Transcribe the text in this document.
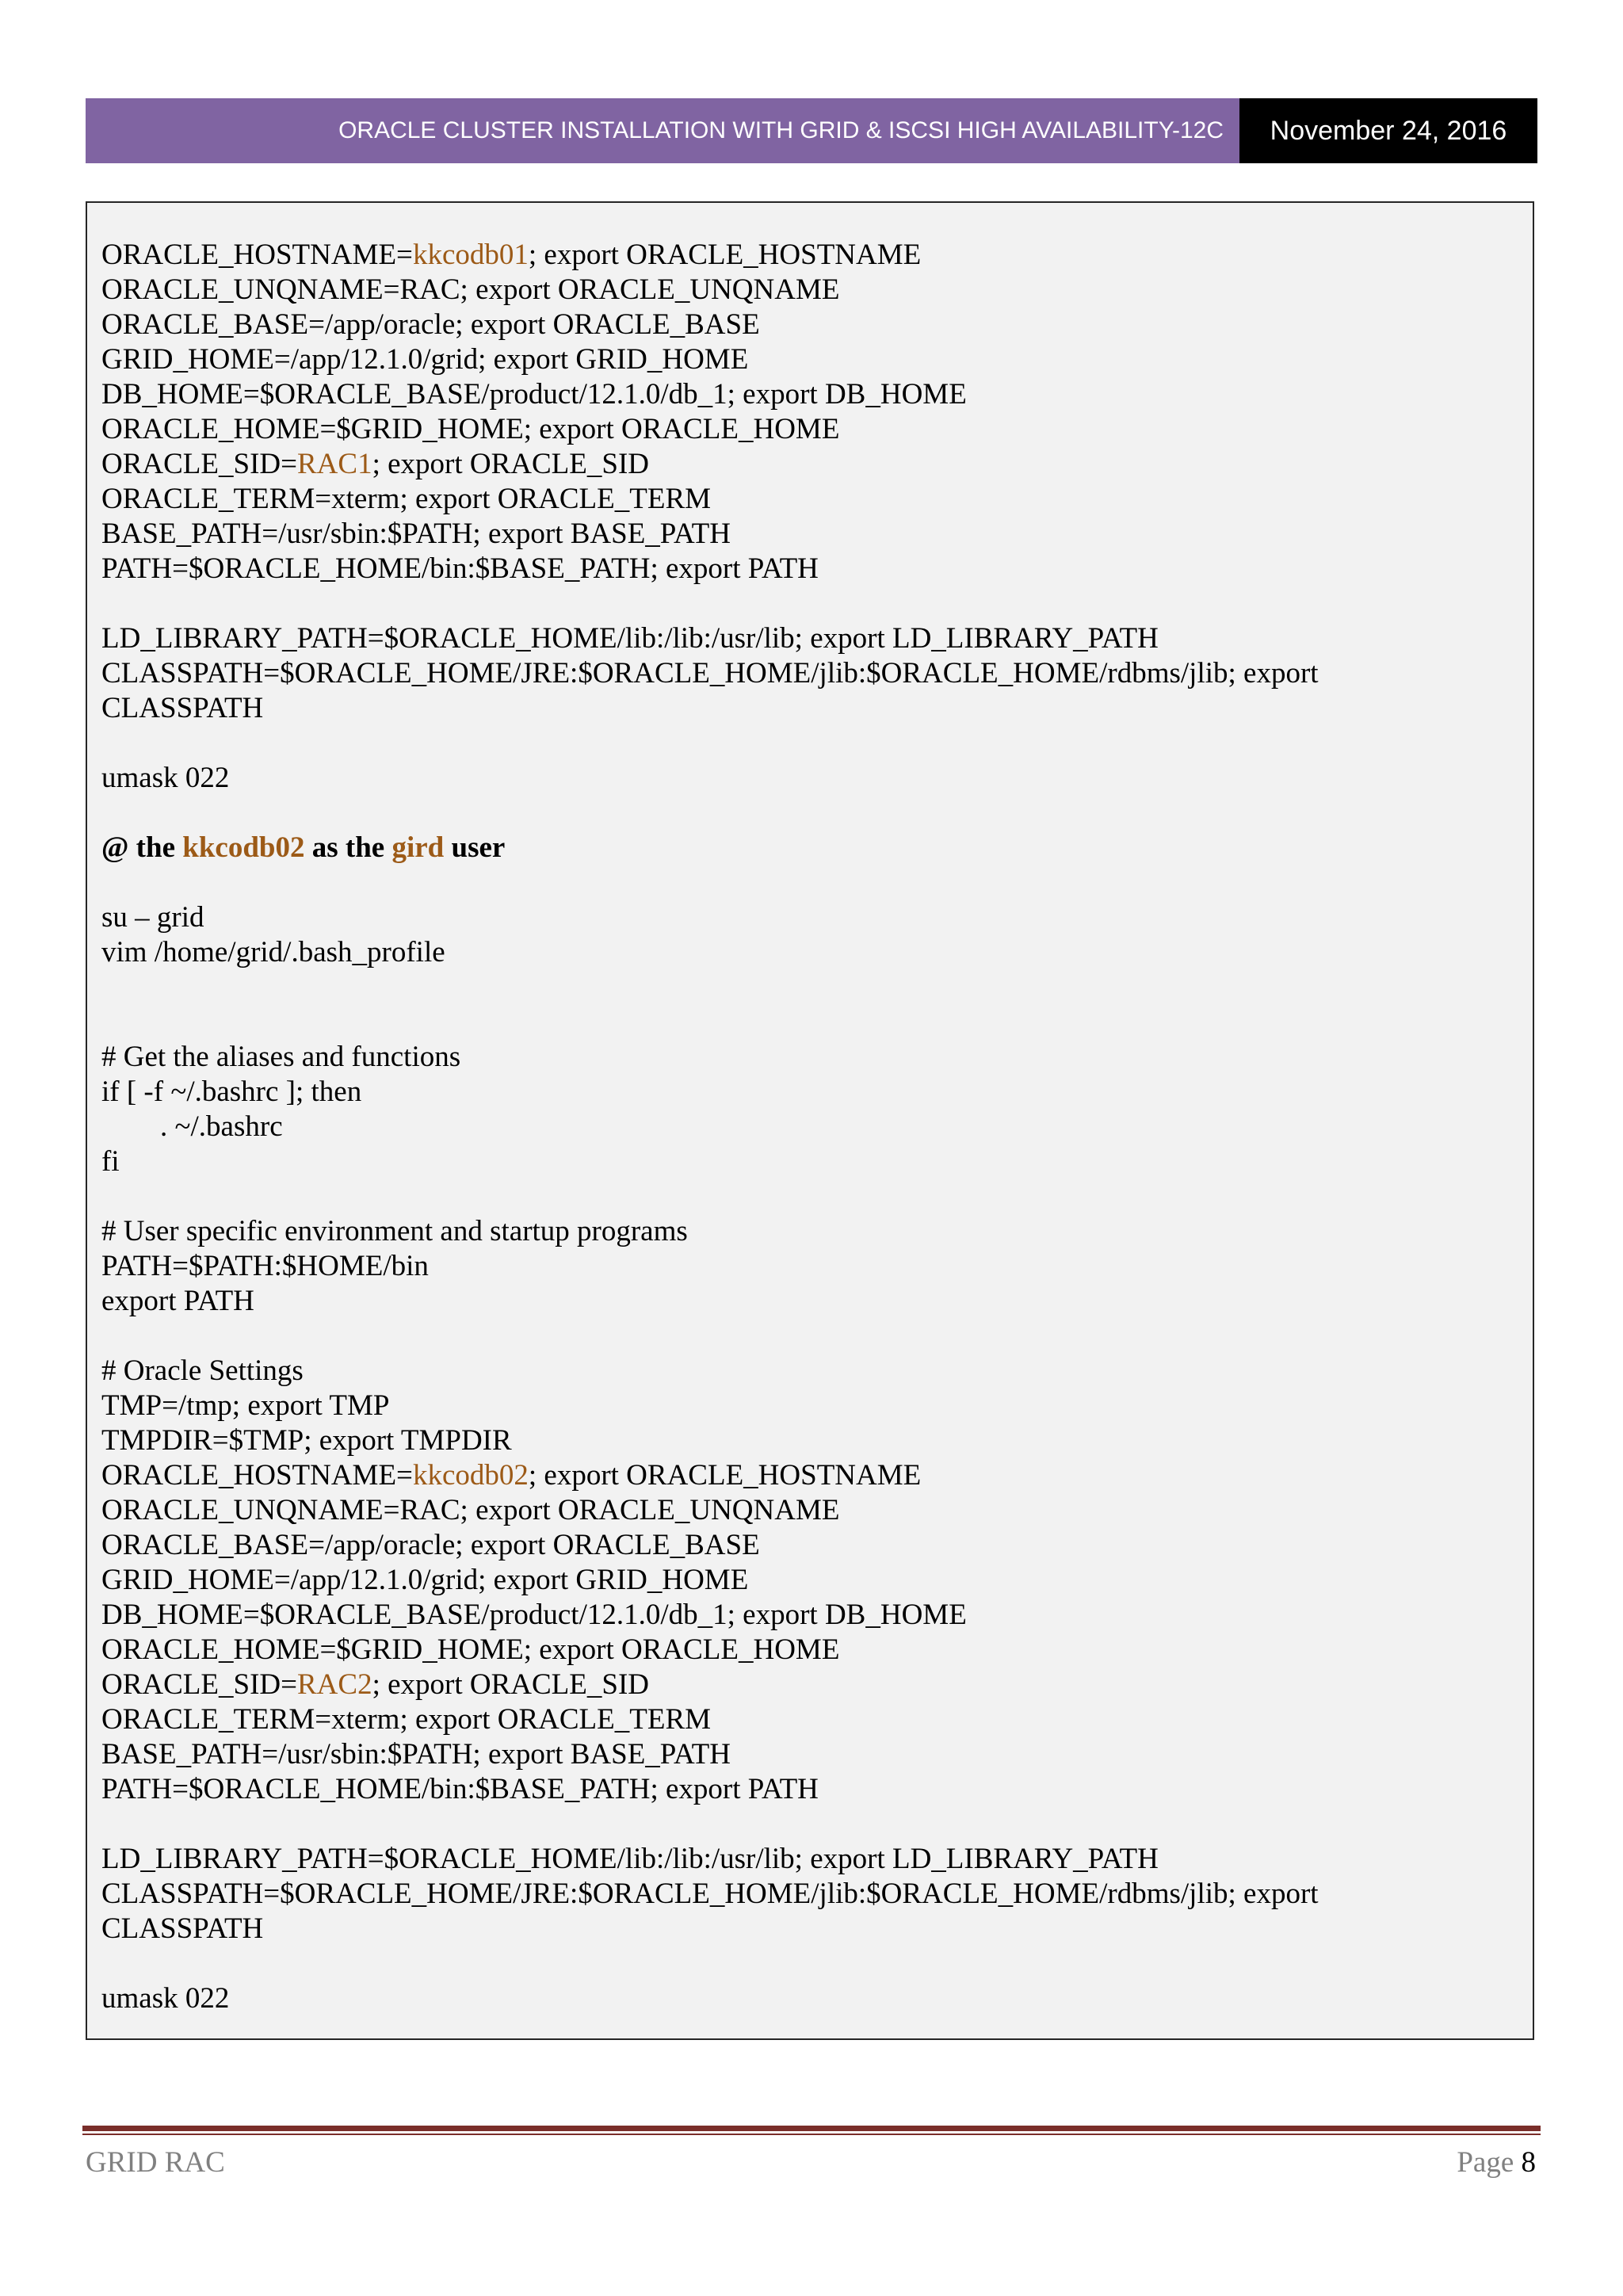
ORACLE CLUSTER INSTALLATION WITH GRID & ISCSI HIGH AVAILABILITY-12C	November 24, 2016
ORACLE_HOSTNAME=kkcodb01; export ORACLE_HOSTNAME
ORACLE_UNQNAME=RAC; export ORACLE_UNQNAME
ORACLE_BASE=/app/oracle; export ORACLE_BASE
GRID_HOME=/app/12.1.0/grid; export GRID_HOME
DB_HOME=$ORACLE_BASE/product/12.1.0/db_1; export DB_HOME
ORACLE_HOME=$GRID_HOME; export ORACLE_HOME
ORACLE_SID=RAC1; export ORACLE_SID
ORACLE_TERM=xterm; export ORACLE_TERM
BASE_PATH=/usr/sbin:$PATH; export BASE_PATH
PATH=$ORACLE_HOME/bin:$BASE_PATH; export PATH
LD_LIBRARY_PATH=$ORACLE_HOME/lib:/lib:/usr/lib; export LD_LIBRARY_PATH
CLASSPATH=$ORACLE_HOME/JRE:$ORACLE_HOME/jlib:$ORACLE_HOME/rdbms/jlib; export
CLASSPATH
umask 022
@ the kkcodb02 as the gird user
su – grid
vim /home/grid/.bash_profile
# Get the aliases and functions
if [ -f ~/.bashrc ]; then
. ~/.bashrc
fi
# User specific environment and startup programs
PATH=$PATH:$HOME/bin
export PATH
# Oracle Settings
TMP=/tmp; export TMP
TMPDIR=$TMP; export TMPDIR
ORACLE_HOSTNAME=kkcodb02; export ORACLE_HOSTNAME
ORACLE_UNQNAME=RAC; export ORACLE_UNQNAME
ORACLE_BASE=/app/oracle; export ORACLE_BASE
GRID_HOME=/app/12.1.0/grid; export GRID_HOME
DB_HOME=$ORACLE_BASE/product/12.1.0/db_1; export DB_HOME
ORACLE_HOME=$GRID_HOME; export ORACLE_HOME
ORACLE_SID=RAC2; export ORACLE_SID
ORACLE_TERM=xterm; export ORACLE_TERM
BASE_PATH=/usr/sbin:$PATH; export BASE_PATH
PATH=$ORACLE_HOME/bin:$BASE_PATH; export PATH
LD_LIBRARY_PATH=$ORACLE_HOME/lib:/lib:/usr/lib; export LD_LIBRARY_PATH
CLASSPATH=$ORACLE_HOME/JRE:$ORACLE_HOME/jlib:$ORACLE_HOME/rdbms/jlib; export
CLASSPATH
umask 022
GRID RAC	Page 8
